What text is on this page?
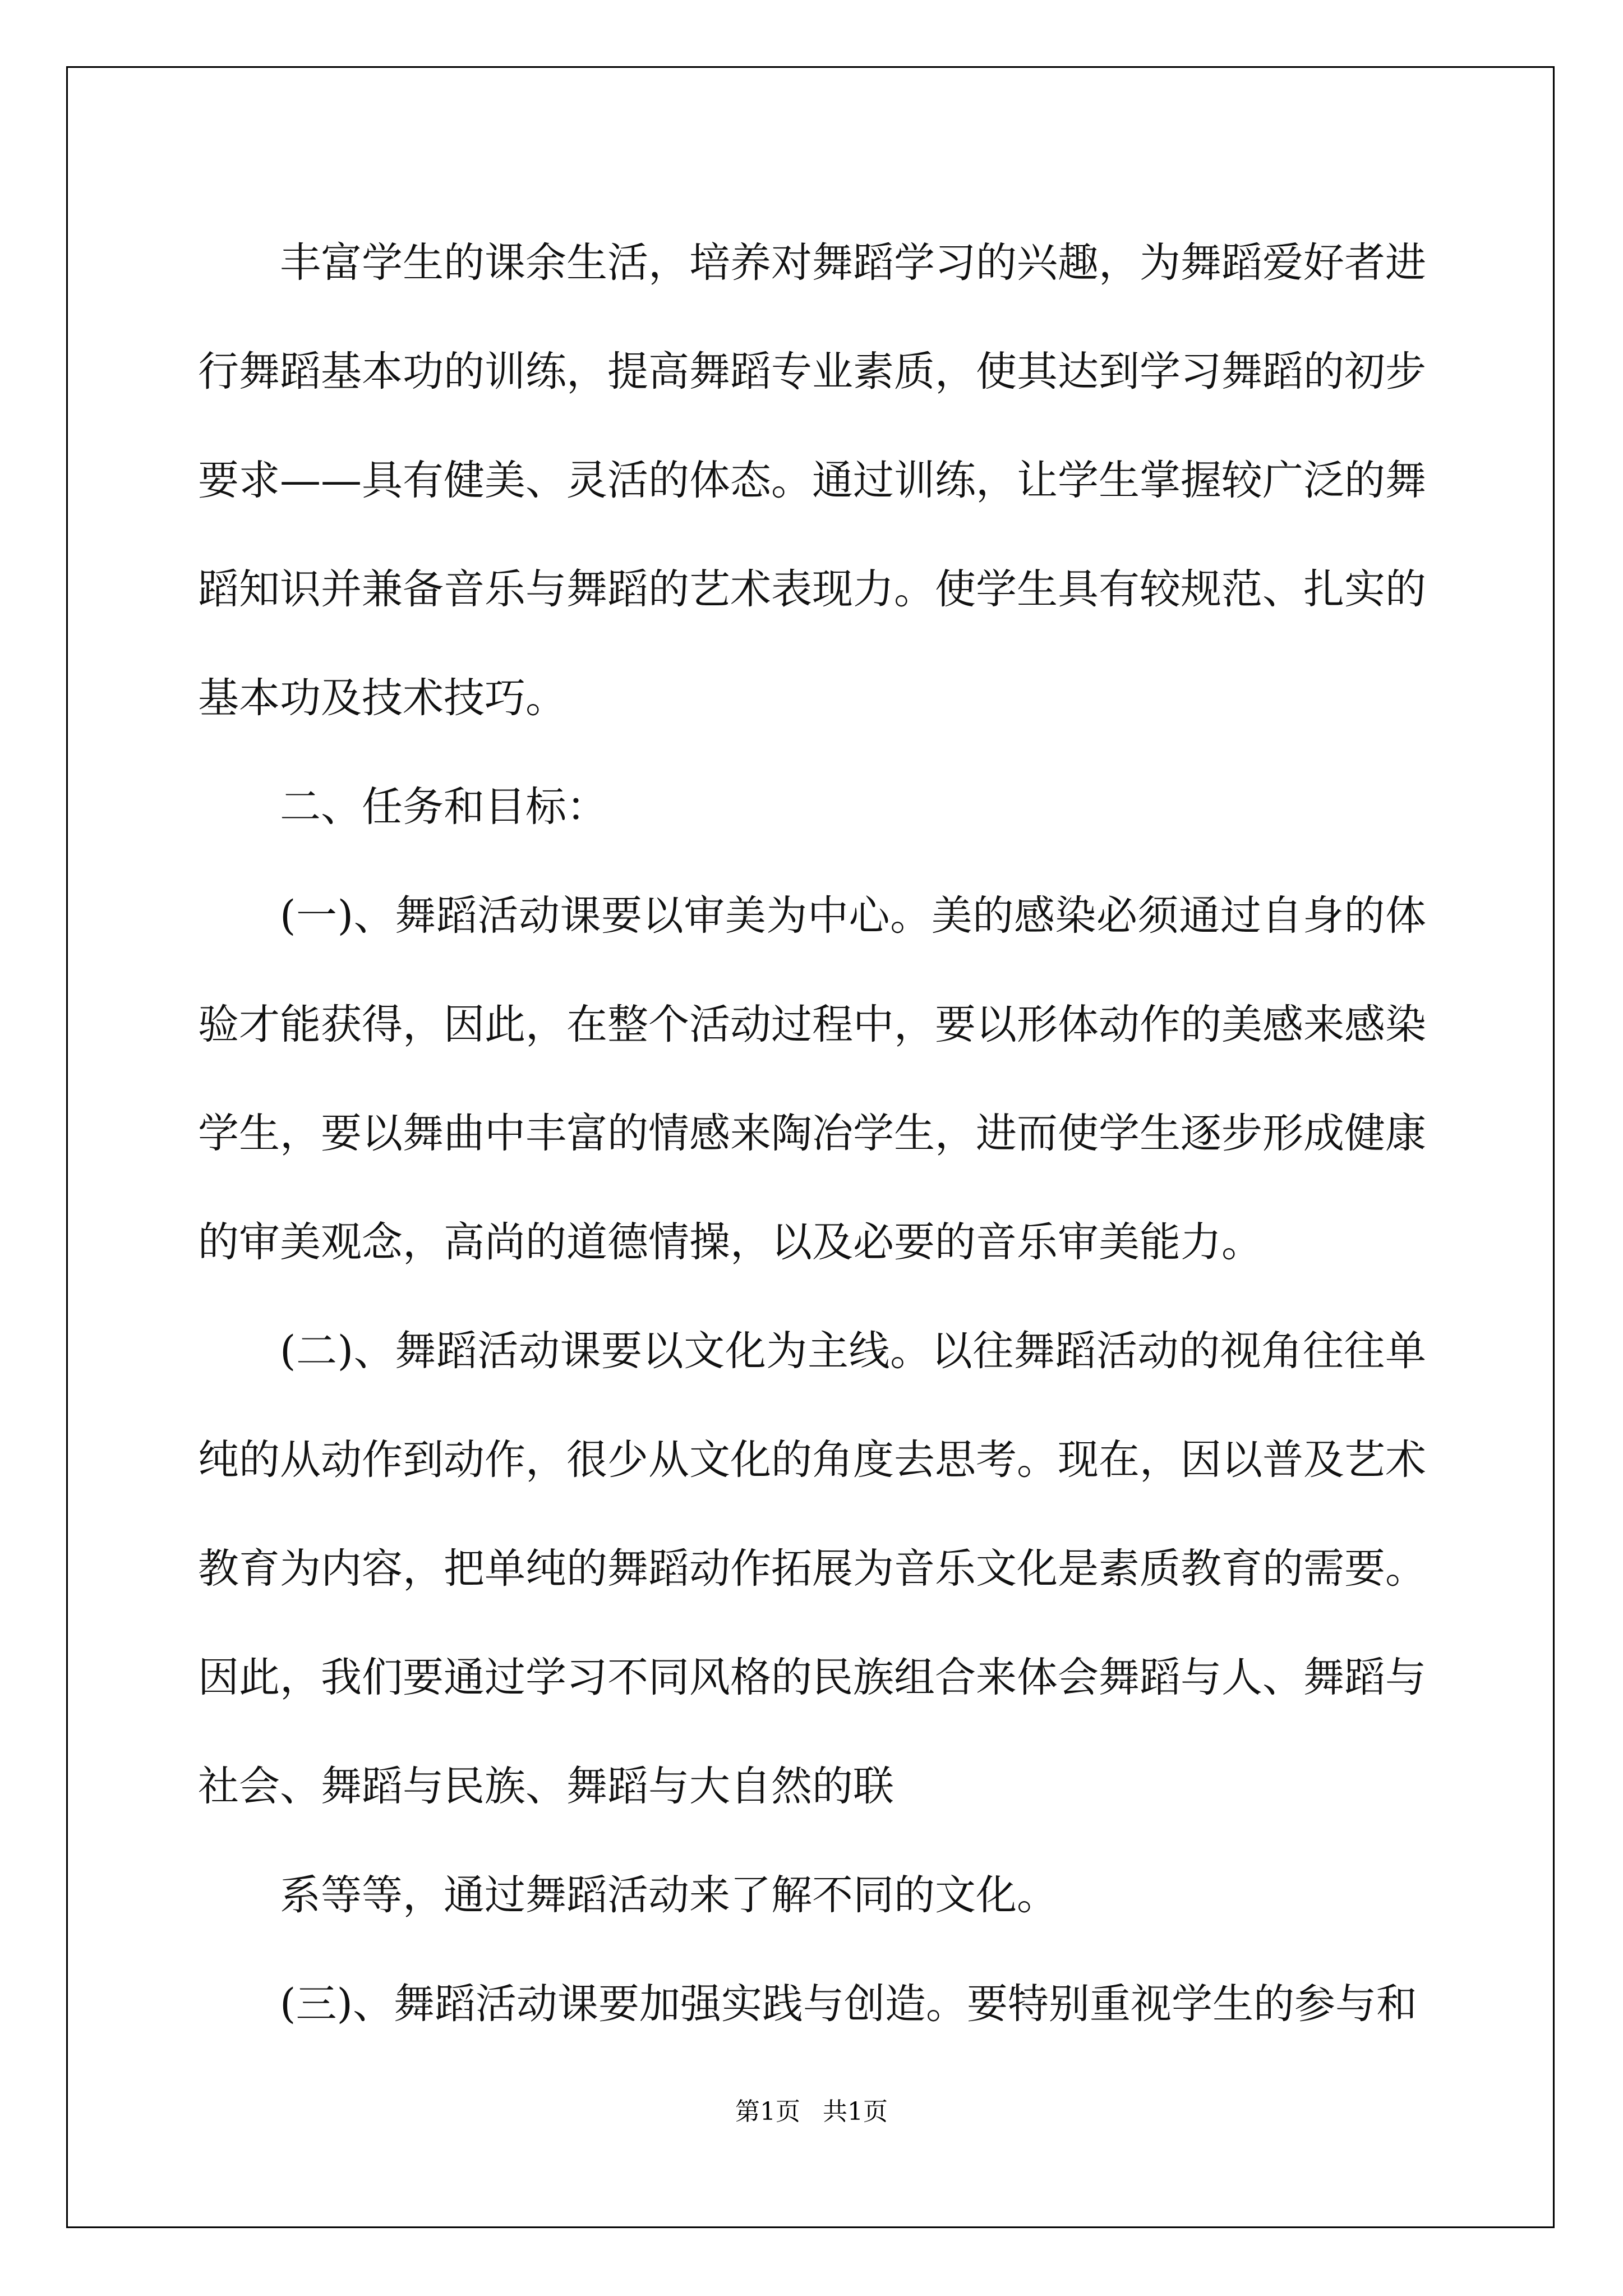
丰富学生的课余生活，培养对舞蹈学习的兴趣，为舞蹈爱好者进行舞蹈基本功的训练，提高舞蹈专业素质，使其达到学习舞蹈的初步要求——具有健美、灵活的体态。通过训练，让学生掌握较广泛的舞蹈知识并兼备音乐与舞蹈的艺术表现力。使学生具有较规范、扎实的基本功及技术技巧。

二、任务和目标：

(一)、舞蹈活动课要以审美为中心。美的感染必须通过自身的体验才能获得，因此，在整个活动过程中，要以形体动作的美感来感染学生，要以舞曲中丰富的情感来陶冶学生，进而使学生逐步形成健康的审美观念，高尚的道德情操，以及必要的音乐审美能力。

(二)、舞蹈活动课要以文化为主线。以往舞蹈活动的视角往往单纯的从动作到动作，很少从文化的角度去思考。现在，因以普及艺术教育为内容，把单纯的舞蹈动作拓展为音乐文化是素质教育的需要。因此，我们要通过学习不同风格的民族组合来体会舞蹈与人、舞蹈与社会、舞蹈与民族、舞蹈与大自然的联

系等等，通过舞蹈活动来了解不同的文化。

(三)、舞蹈活动课要加强实践与创造。要特别重视学生的参与和

第1页 共1页
